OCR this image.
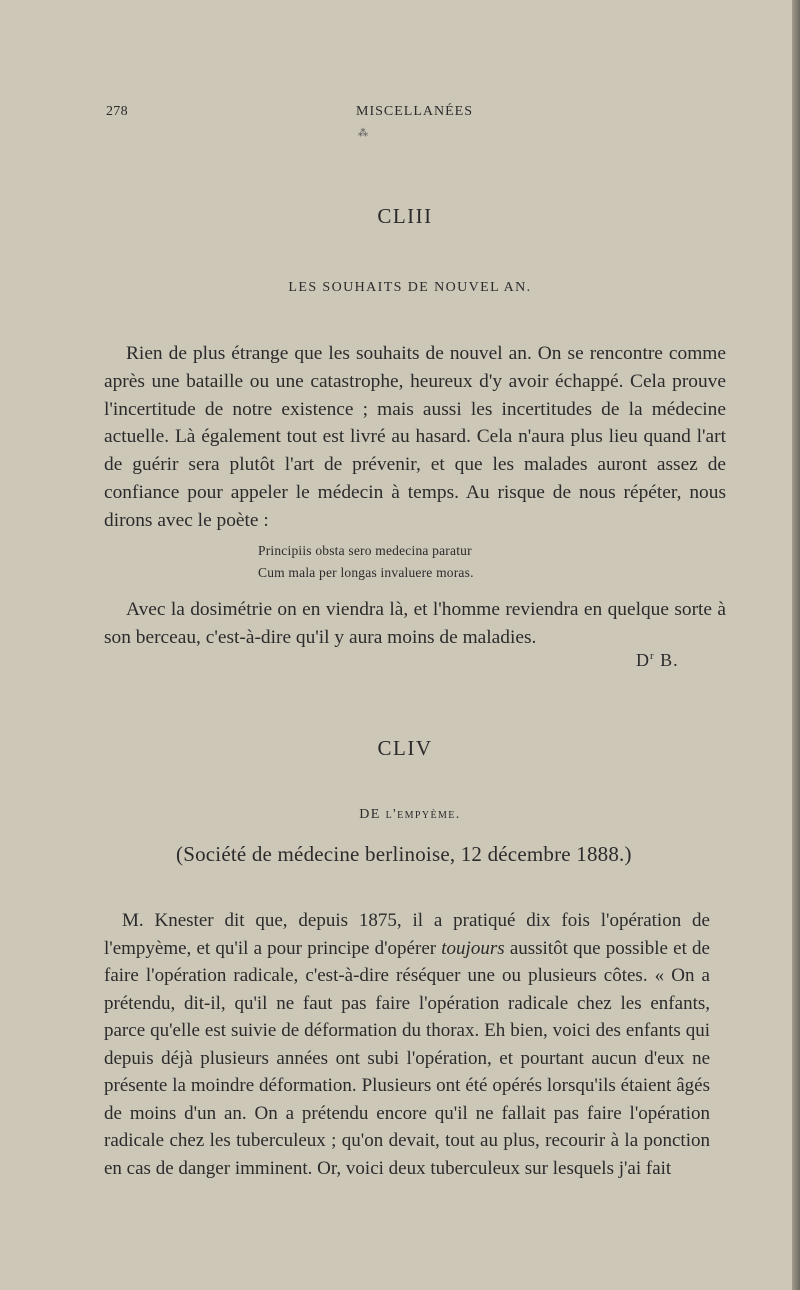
278	MISCELLANÉES
⁂
CLIII
LES SOUHAITS DE NOUVEL AN.

Rien de plus étrange que les souhaits de nouvel an. On se rencontre comme après une bataille ou une catastrophe, heureux d'y avoir échappé. Cela prouve l'incertitude de notre existence ; mais aussi les incertitudes de la médecine actuelle. Là également tout est livré au hasard. Cela n'aura plus lieu quand l'art de guérir sera plutôt l'art de prévenir, et que les malades auront assez de confiance pour appeler le médecin à temps. Au risque de nous répéter, nous dirons avec le poète :

Principiis obsta sero medecina paratur
Cum mala per longas invaluere moras.

Avec la dosimétrie on en viendra là, et l'homme reviendra en quelque sorte à son berceau, c'est-à-dire qu'il y aura moins de maladies.

$D^r$ B.
CLIV
DE l'empyème.
(Société de médecine berlinoise, 12 décembre 1888.)

M. Knester dit que, depuis 1875, il a pratiqué dix fois l'opération de l'empyème, et qu'il a pour principe d'opérer toujours aussitôt que possible et de faire l'opération radicale, c'est-à-dire réséquer une ou plusieurs côtes. « On a prétendu, dit-il, qu'il ne faut pas faire l'opération radicale chez les enfants, parce qu'elle est suivie de déformation du thorax. Eh bien, voici des enfants qui depuis déjà plusieurs années ont subi l'opération, et pourtant aucun d'eux ne présente la moindre déformation. Plusieurs ont été opérés lorsqu'ils étaient âgés de moins d'un an. On a prétendu encore qu'il ne fallait pas faire l'opération radicale chez les tuberculeux ; qu'on devait, tout au plus, recourir à la ponction en cas de danger imminent. Or, voici deux tuberculeux sur lesquels j'ai fait
